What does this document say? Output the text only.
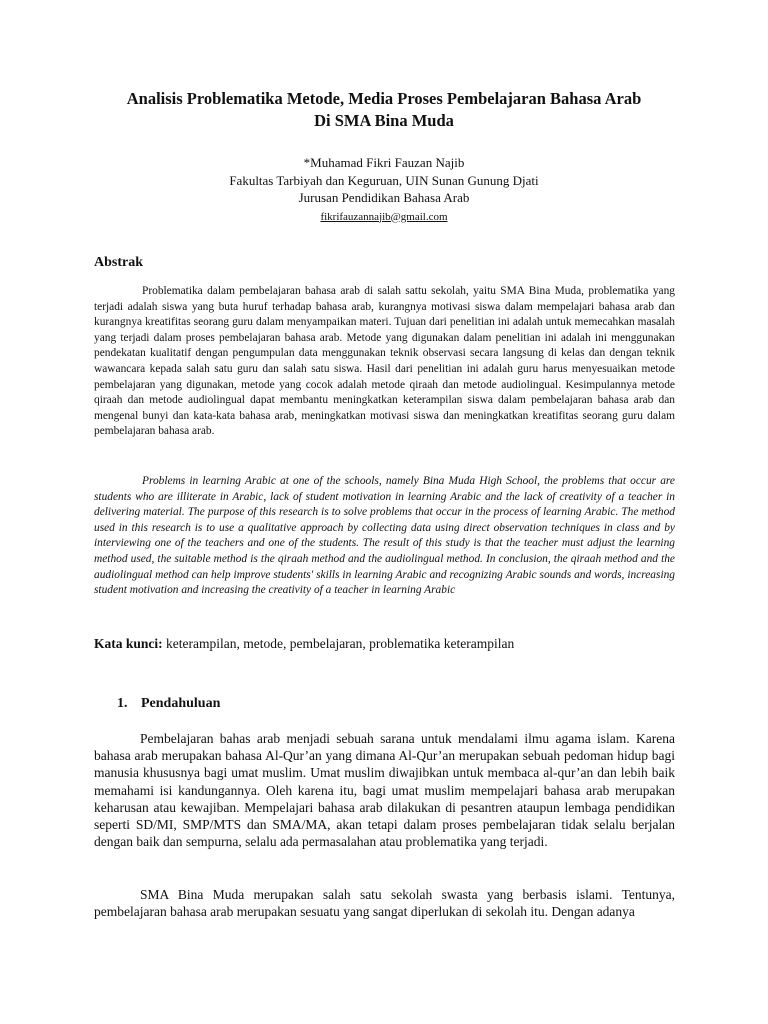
Analisis Problematika Metode, Media Proses Pembelajaran Bahasa Arab
Di SMA Bina Muda
*Muhamad Fikri Fauzan Najib
Fakultas Tarbiyah dan Keguruan, UIN Sunan Gunung Djati
Jurusan Pendidikan Bahasa Arab
fikrifauzannajib@gmail.com
Abstrak

Problematika dalam pembelajaran bahasa arab di salah sattu sekolah, yaitu SMA Bina Muda, problematika yang terjadi adalah siswa yang buta huruf terhadap bahasa arab, kurangnya motivasi siswa dalam mempelajari bahasa arab dan kurangnya kreatifitas seorang guru dalam menyampaikan materi. Tujuan dari penelitian ini adalah untuk memecahkan masalah yang terjadi dalam proses pembelajaran bahasa arab. Metode yang digunakan dalam penelitian ini adalah ini menggunakan pendekatan kualitatif dengan pengumpulan data menggunakan teknik observasi secara langsung di kelas dan dengan teknik wawancara kepada salah satu guru dan salah satu siswa. Hasil dari penelitian ini adalah guru harus menyesuaikan metode pembelajaran yang digunakan, metode yang cocok adalah metode qiraah dan metode audiolingual. Kesimpulannya metode qiraah dan metode audiolingual dapat membantu meningkatkan keterampilan siswa dalam pembelajaran bahasa arab dan mengenal bunyi dan kata-kata bahasa arab, meningkatkan motivasi siswa dan meningkatkan kreatifitas seorang guru dalam pembelajaran bahasa arab.

Problems in learning Arabic at one of the schools, namely Bina Muda High School, the problems that occur are students who are illiterate in Arabic, lack of student motivation in learning Arabic and the lack of creativity of a teacher in delivering material. The purpose of this research is to solve problems that occur in the process of learning Arabic. The method used in this research is to use a qualitative approach by collecting data using direct observation techniques in class and by interviewing one of the teachers and one of the students. The result of this study is that the teacher must adjust the learning method used, the suitable method is the qiraah method and the audiolingual method. In conclusion, the qiraah method and the audiolingual method can help improve students' skills in learning Arabic and recognizing Arabic sounds and words, increasing student motivation and increasing the creativity of a teacher in learning Arabic

Kata kunci: keterampilan, metode, pembelajaran, problematika keterampilan
1. Pendahuluan

Pembelajaran bahas arab menjadi sebuah sarana untuk mendalami ilmu agama islam. Karena bahasa arab merupakan bahasa Al-Qur’an yang dimana Al-Qur’an merupakan sebuah pedoman hidup bagi manusia khususnya bagi umat muslim. Umat muslim diwajibkan untuk membaca al-qur’an dan lebih baik memahami isi kandungannya. Oleh karena itu, bagi umat muslim mempelajari bahasa arab merupakan keharusan atau kewajiban. Mempelajari bahasa arab dilakukan di pesantren ataupun lembaga pendidikan seperti SD/MI, SMP/MTS dan SMA/MA, akan tetapi dalam proses pembelajaran tidak selalu berjalan dengan baik dan sempurna, selalu ada permasalahan atau problematika yang terjadi.

SMA Bina Muda merupakan salah satu sekolah swasta yang berbasis islami. Tentunya, pembelajaran bahasa arab merupakan sesuatu yang sangat diperlukan di sekolah itu. Dengan adanya
